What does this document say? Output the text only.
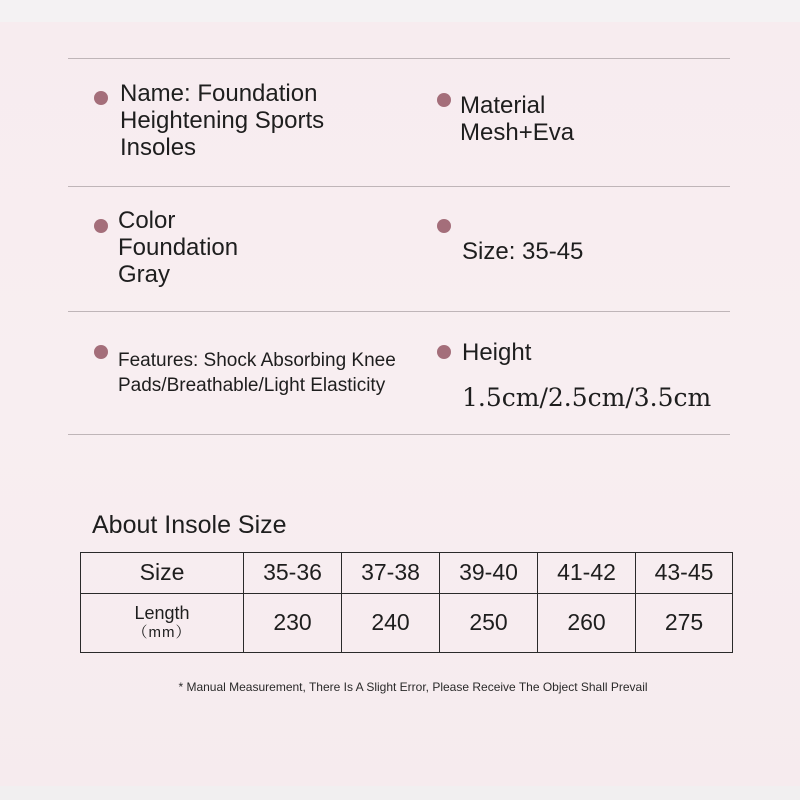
Name: Foundation
Heightening Sports
Insoles
Material
Mesh+Eva
Color
Foundation
Gray
Size: 35-45
Features: Shock Absorbing Knee
Pads/Breathable/Light Elasticity
Height
1.5cm/2.5cm/3.5cm
About Insole Size
Size	35-36	37-38	39-40	41-42	43-45

Length
（mm）	230	240	250	260	275
* Manual Measurement, There Is A Slight Error, Please Receive The Object Shall Prevail
